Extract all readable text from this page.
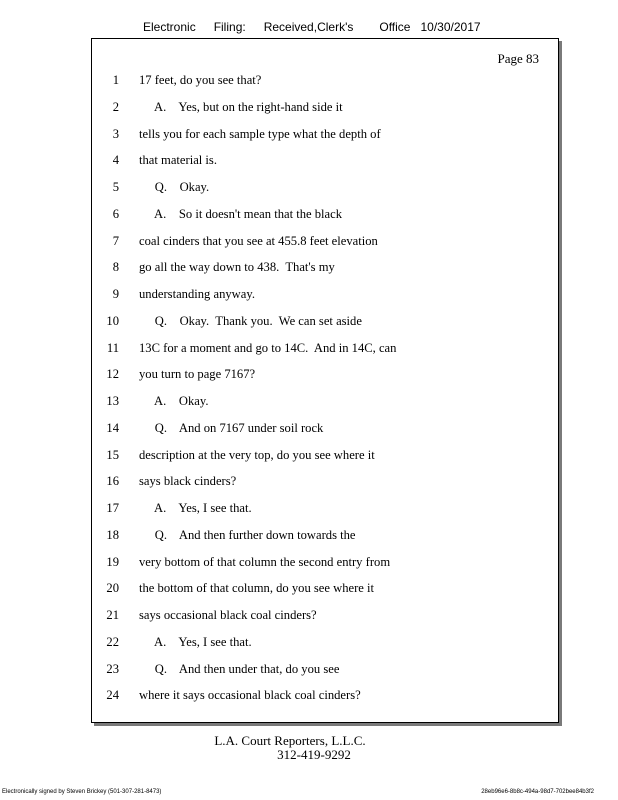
Electronic Filing: Received,Clerk's Office 10/30/2017
Page 83
1 17 feet, do you see that?
2 A.    Yes, but on the right-hand side it
3 tells you for each sample type what the depth of
4 that material is.
5 Q.    Okay.
6 A.    So it doesn't mean that the black
7 coal cinders that you see at 455.8 feet elevation
8 go all the way down to 438.  That's my
9 understanding anyway.
10 Q.    Okay.  Thank you.  We can set aside
11 13C for a moment and go to 14C.  And in 14C, can
12 you turn to page 7167?
13 A.    Okay.
14 Q.    And on 7167 under soil rock
15 description at the very top, do you see where it
16 says black cinders?
17 A.    Yes, I see that.
18 Q.    And then further down towards the
19 very bottom of that column the second entry from
20 the bottom of that column, do you see where it
21 says occasional black coal cinders?
22 A.    Yes, I see that.
23 Q.    And then under that, do you see
24 where it says occasional black coal cinders?
L.A. Court Reporters, L.L.C.
312-419-9292
Electronically signed by Steven Brickey (501-307-281-8473)	28eb96e6-8b8c-494a-98d7-702bee84b3f2
